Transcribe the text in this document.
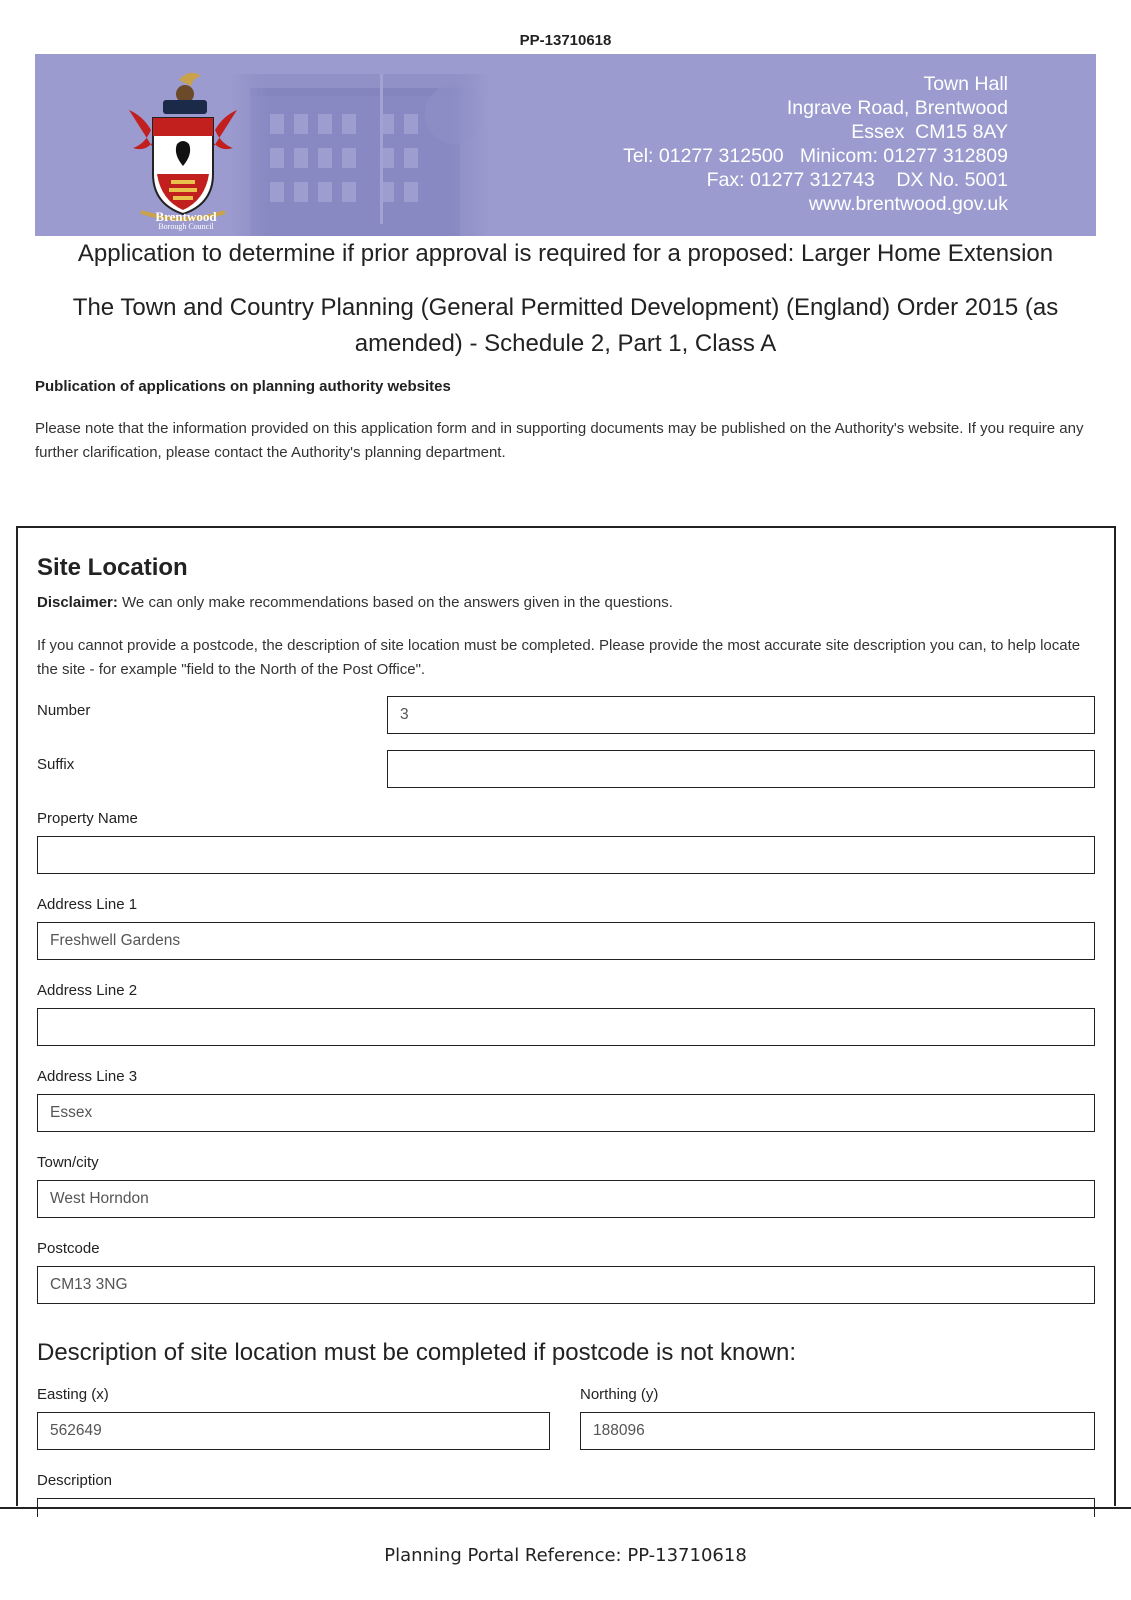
PP-13710618
Brentwood
Borough Council
Town Hall
Ingrave Road, Brentwood
Essex  CM15 8AY
Tel: 01277 312500   Minicom: 01277 312809
Fax: 01277 312743    DX No. 5001
www.brentwood.gov.uk
Application to determine if prior approval is required for a proposed: Larger Home Extension
The Town and Country Planning (General Permitted Development) (England) Order 2015 (as amended) - Schedule 2, Part 1, Class A
Publication of applications on planning authority websites
Please note that the information provided on this application form and in supporting documents may be published on the Authority's website. If you require any further clarification, please contact the Authority's planning department.
Site Location
Disclaimer: We can only make recommendations based on the answers given in the questions.
If you cannot provide a postcode, the description of site location must be completed. Please provide the most accurate site description you can, to help locate the site - for example "field to the North of the Post Office".
Number	3
Suffix
Property Name
Address Line 1
Freshwell Gardens
Address Line 2
Address Line 3
Essex
Town/city
West Horndon
Postcode
CM13 3NG
Description of site location must be completed if postcode is not known:
Easting (x)
562649
Northing (y)
188096
Description
Planning Portal Reference: PP-13710618
